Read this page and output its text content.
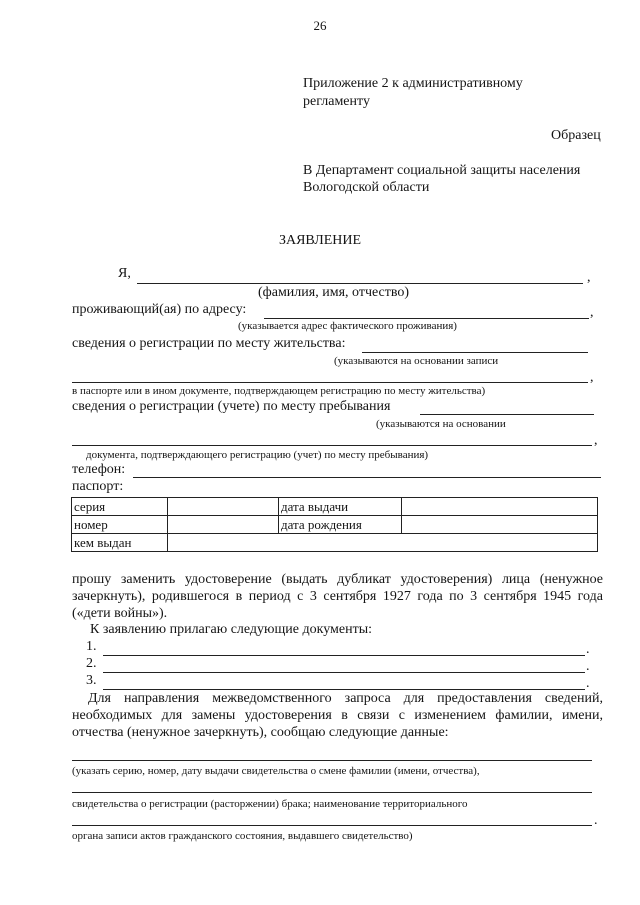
26
Приложение 2 к административному
регламенту
Образец
В Департамент социальной защиты населения
Вологодской области
ЗАЯВЛЕНИЕ
Я,	,
(фамилия, имя, отчество)
проживающий(ая) по адресу:	,
(указывается адрес фактического проживания)
сведения о регистрации по месту жительства:
(указываются на основании записи
,
в паспорте или в ином документе, подтверждающем регистрацию по месту жительства)
сведения о регистрации (учете) по месту пребывания
(указываются на основании
,
документа, подтверждающего регистрацию (учет) по месту пребывания)
телефон:
паспорт:
серия		дата выдачи	
номер		дата рождения	
кем выдан			
прошу заменить удостоверение (выдать дубликат удостоверения) лица (ненужное зачеркнуть), родившегося в период с 3 сентября 1927 года по 3 сентября 1945 года («дети войны»).
К заявлению прилагаю следующие документы:
1.	.
2.	.
3.	.
Для направления межведомственного запроса для предоставления сведений, необходимых для замены удостоверения в связи с изменением фамилии, имени, отчества (ненужное зачеркнуть), сообщаю следующие данные:
(указать серию, номер, дату выдачи свидетельства о смене фамилии (имени, отчества),
свидетельства о регистрации (расторжении) брака; наименование территориального
.
органа записи актов гражданского состояния, выдавшего свидетельство)
